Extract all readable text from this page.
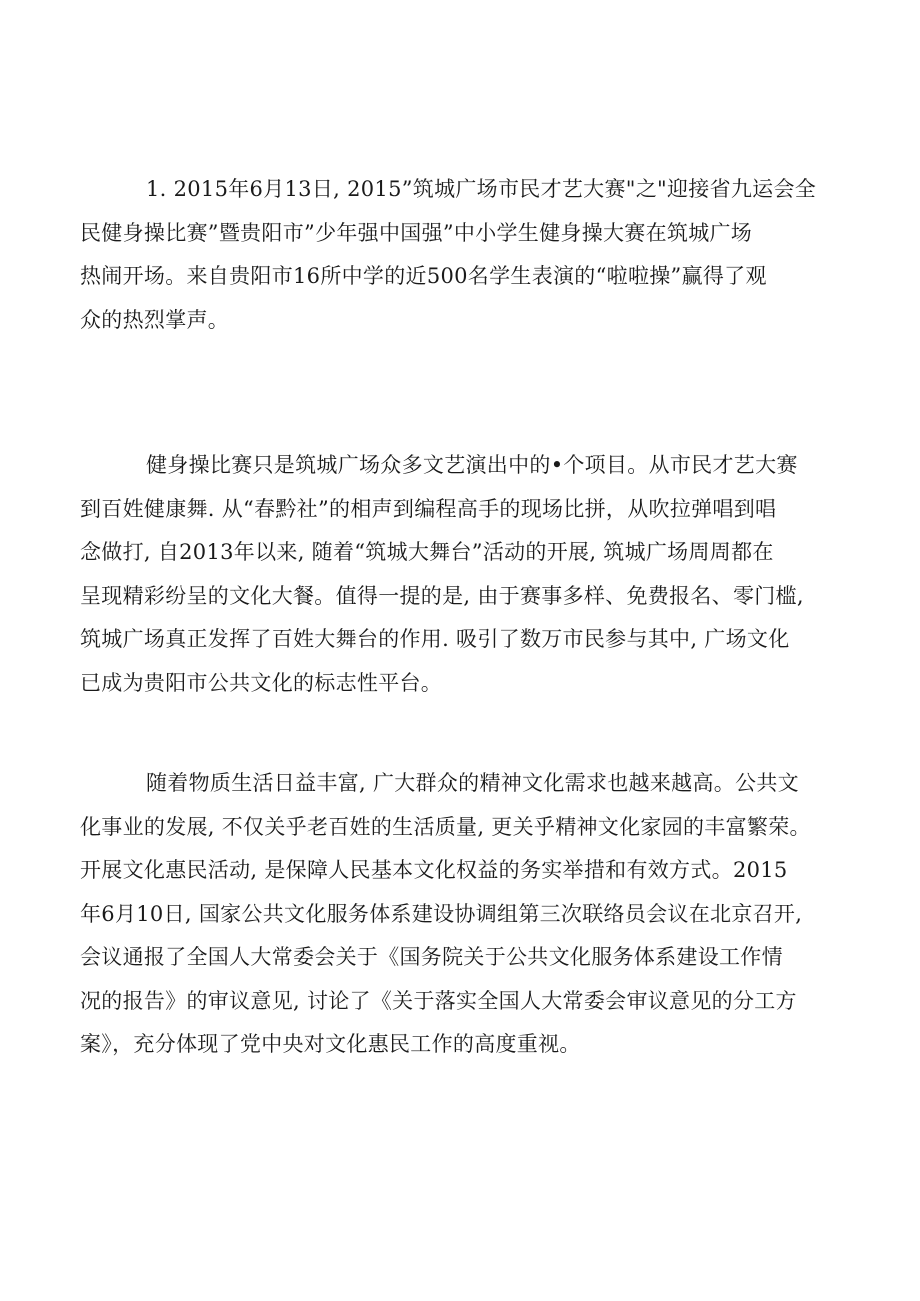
1. 2015年6月13日, 2015”筑城广场市民才艺大赛"之"迎接省九运会全
民健身操比赛”暨贵阳市”少年强中国强”中小学生健身操大赛在筑城广场
热闹开场。来自贵阳市16所中学的近500名学生表演的“啦啦操”赢得了观
众的热烈掌声。
健身操比赛只是筑城广场众多文艺演出中的•个项目。从市民才艺大赛
到百姓健康舞. 从“春黔社”的相声到编程高手的现场比拼，从吹拉弹唱到唱
念做打, 自2013年以来, 随着“筑城大舞台”活动的开展, 筑城广场周周都在
呈现精彩纷呈的文化大餐。值得一提的是, 由于赛事多样、免费报名、零门槛,
筑城广场真正发挥了百姓大舞台的作用. 吸引了数万市民参与其中, 广场文化
已成为贵阳市公共文化的标志性平台。
随着物质生活日益丰富, 广大群众的精神文化需求也越来越高。公共文
化事业的发展, 不仅关乎老百姓的生活质量, 更关乎精神文化家园的丰富繁荣。
开展文化惠民活动, 是保障人民基本文化权益的务实举措和有效方式。2015
年6月10日, 国家公共文化服务体系建设协调组第三次联络员会议在北京召开,
会议通报了全国人大常委会关于《国务院关于公共文化服务体系建设工作情
况的报告》的审议意见, 讨论了《关于落实全国人大常委会审议意见的分工方
案》，充分体现了党中央对文化惠民工作的高度重视。
